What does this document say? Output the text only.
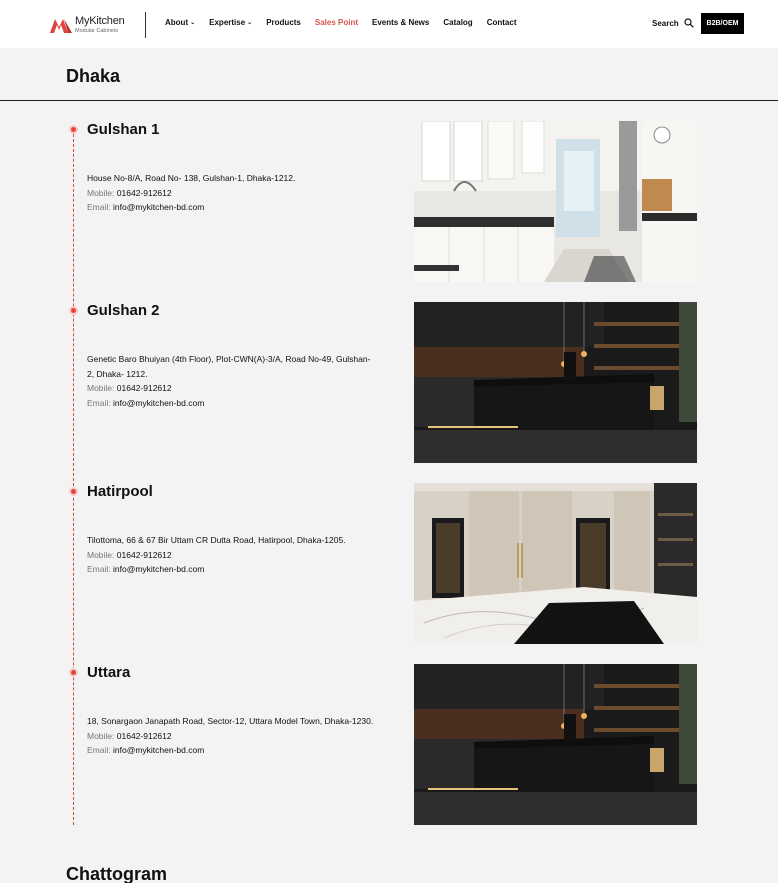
MyKitchen
Modular Cabinets
About ⌄ Expertise ⌄ Products Sales Point Events & News Catalog Contact	Search	B2B/OEM
Dhaka
Gulshan 1
House No-8/A, Road No- 138, Gulshan-1, Dhaka-1212.
Mobile: 01642-912612
Email: info@mykitchen-bd.com
Gulshan 2
Genetic Baro Bhuiyan (4th Floor), Plot-CWN(A)-3/A, Road No-49, Gulshan-2, Dhaka- 1212.
Mobile: 01642-912612
Email: info@mykitchen-bd.com
Hatirpool
Tilottoma, 66 & 67 Bir Uttam CR Dutta Road, Hatirpool, Dhaka-1205.
Mobile: 01642-912612
Email: info@mykitchen-bd.com
Uttara
18, Sonargaon Janapath Road, Sector-12, Uttara Model Town, Dhaka-1230.
Mobile: 01642-912612
Email: info@mykitchen-bd.com
Chattogram
